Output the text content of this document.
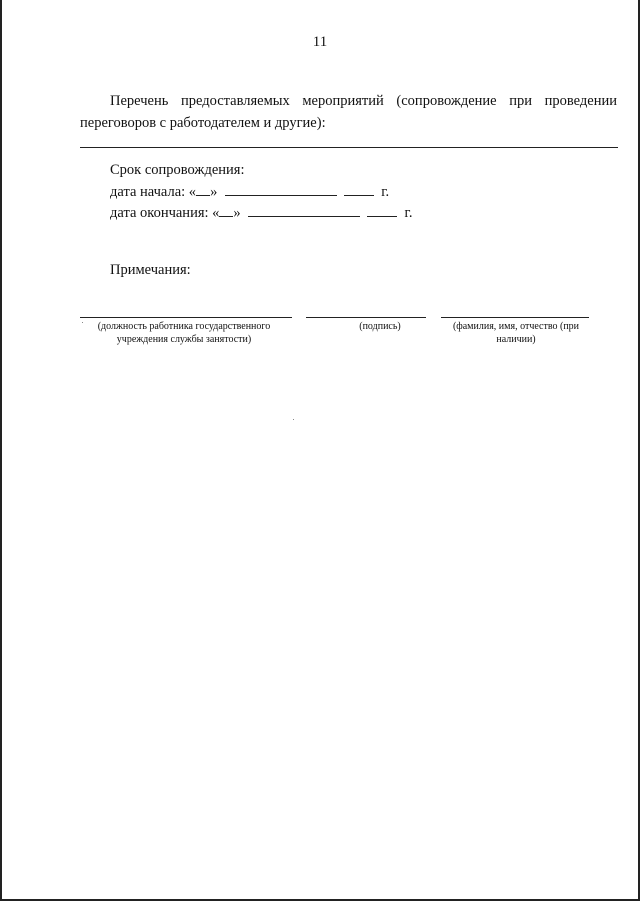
11
Перечень предоставляемых мероприятий (сопровождение при проведении переговоров с работодателем и другие):
Срок сопровождения:
дата начала: « »	г.
дата окончания: « »	г.
Примечания:
(должность работника государственного учреждения службы занятости)
(подпись)	(фамилия, имя, отчество (при наличии)
